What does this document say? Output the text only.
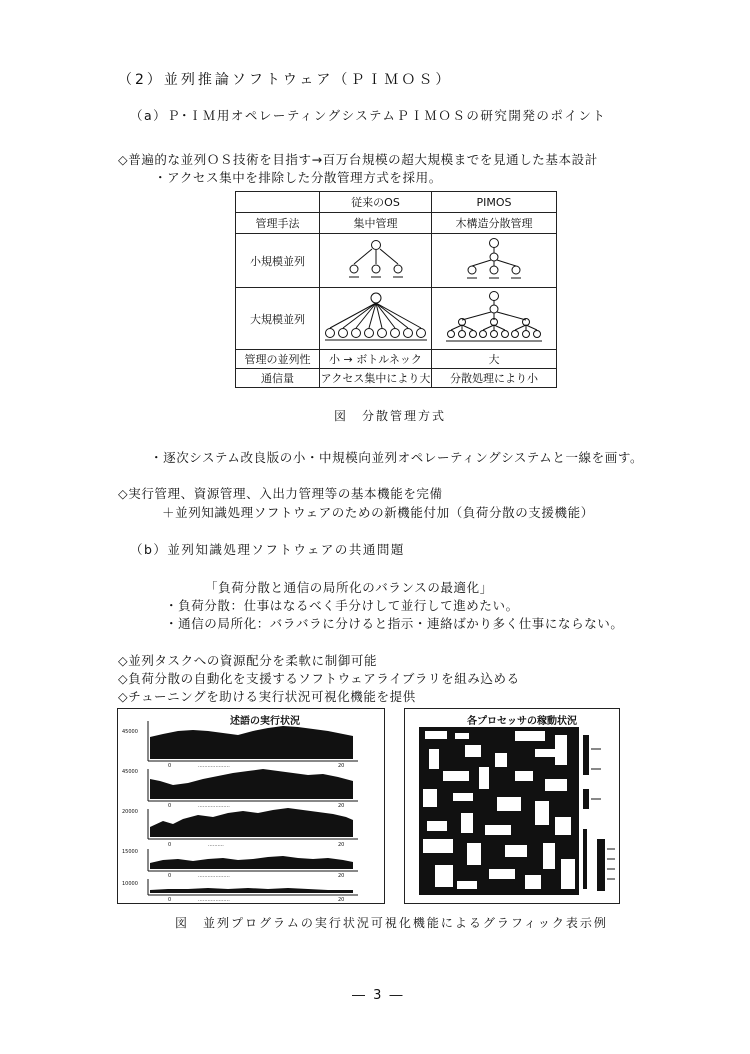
（2）並列推論ソフトウェア（ＰＩＭＯＳ）
（a）Ｐ･ＩＭ用オペレーティングシステムＰＩＭＯＳの研究開発のポイント
◇普遍的な並列ＯＳ技術を目指す→百万台規模の超大規模までを見通した基本設計
・アクセス集中を排除した分散管理方式を採用。
	従来のOS	PIMOS
管理手法	集中管理	木構造分散管理
小規模並列		
大規模並列		
管理の並列性	小 → ボトルネック	大
通信量	アクセス集中により大	分散処理により小
図　分散管理方式
・逐次システム改良版の小・中規模向並列オペレーティングシステムと一線を画す。
◇実行管理、資源管理、入出力管理等の基本機能を完備
＋並列知識処理ソフトウェアのための新機能付加（負荷分散の支援機能）
（b）並列知識処理ソフトウェアの共通問題
「負荷分散と通信の局所化のバランスの最適化」
・負荷分散：仕事はなるべく手分けして並行して進めたい。
・通信の局所化：バラバラに分けると指示・連絡ばかり多く仕事にならない。
◇並列タスクへの資源配分を柔軟に制御可能
◇負荷分散の自動化を支援するソフトウェアライブラリを組み込める
◇チューニングを助ける実行状況可視化機能を提供
述語の実行状況
45000
45000
20000
15000
10000
0	....................	20
0	....................	20
0	..........	20
0	....................	20
0	....................	20
各プロセッサの稼動状況
図　並列プログラムの実行状況可視化機能によるグラフィック表示例
― 3 ―
